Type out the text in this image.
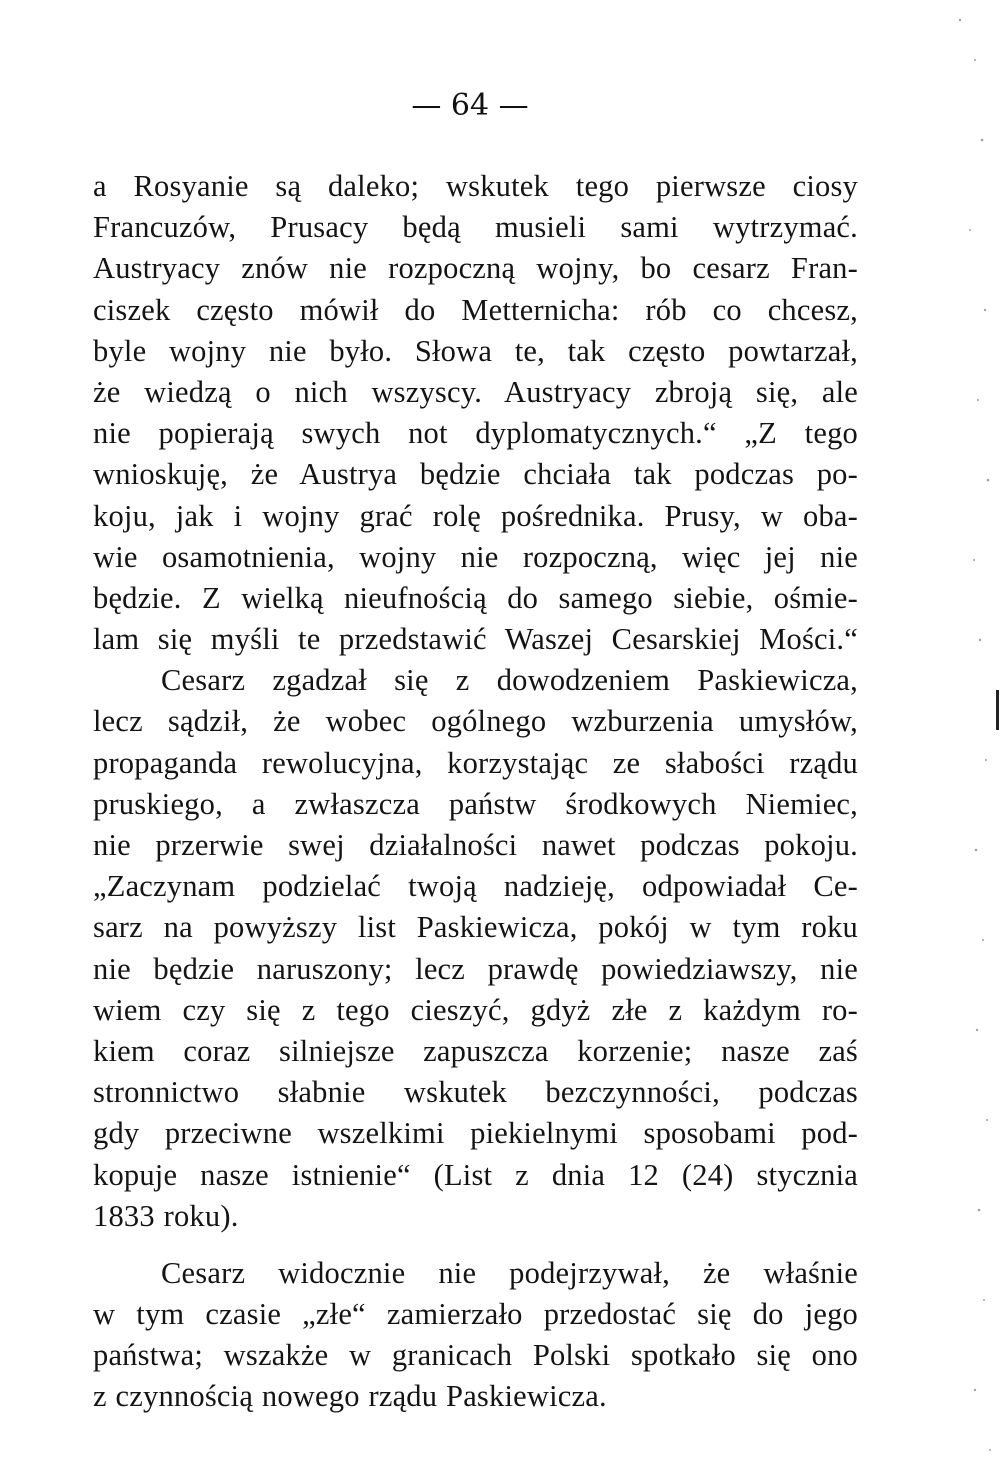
— 64 —
a Rosyanie są daleko; wskutek tego pierwsze ciosy
Francuzów, Prusacy będą musieli sami wytrzymać.
Austryacy znów nie rozpoczną wojny, bo cesarz Fran-
ciszek często mówił do Metternicha: rób co chcesz,
byle wojny nie było. Słowa te, tak często powtarzał,
że wiedzą o nich wszyscy. Austryacy zbroją się, ale
nie popierają swych not dyplomatycznych.“ „Z tego
wnioskuję, że Austrya będzie chciała tak podczas po-
koju, jak i wojny grać rolę pośrednika. Prusy, w oba-
wie osamotnienia, wojny nie rozpoczną, więc jej nie
będzie. Z wielką nieufnością do samego siebie, ośmie-
lam się myśli te przedstawić Waszej Cesarskiej Mości.“
Cesarz zgadzał się z dowodzeniem Paskiewicza,
lecz sądził, że wobec ogólnego wzburzenia umysłów,
propaganda rewolucyjna, korzystając ze słabości rządu
pruskiego, a zwłaszcza państw środkowych Niemiec,
nie przerwie swej działalności nawet podczas pokoju.
„Zaczynam podzielać twoją nadzieję, odpowiadał Ce-
sarz na powyższy list Paskiewicza, pokój w tym roku
nie będzie naruszony; lecz prawdę powiedziawszy, nie
wiem czy się z tego cieszyć, gdyż złe z każdym ro-
kiem coraz silniejsze zapuszcza korzenie; nasze zaś
stronnictwo słabnie wskutek bezczynności, podczas
gdy przeciwne wszelkimi piekielnymi sposobami pod-
kopuje nasze istnienie“ (List z dnia 12 (24) stycznia
1833 roku).
Cesarz widocznie nie podejrzywał, że właśnie
w tym czasie „złe“ zamierzało przedostać się do jego
państwa; wszakże w granicach Polski spotkało się ono
z czynnością nowego rządu Paskiewicza.
